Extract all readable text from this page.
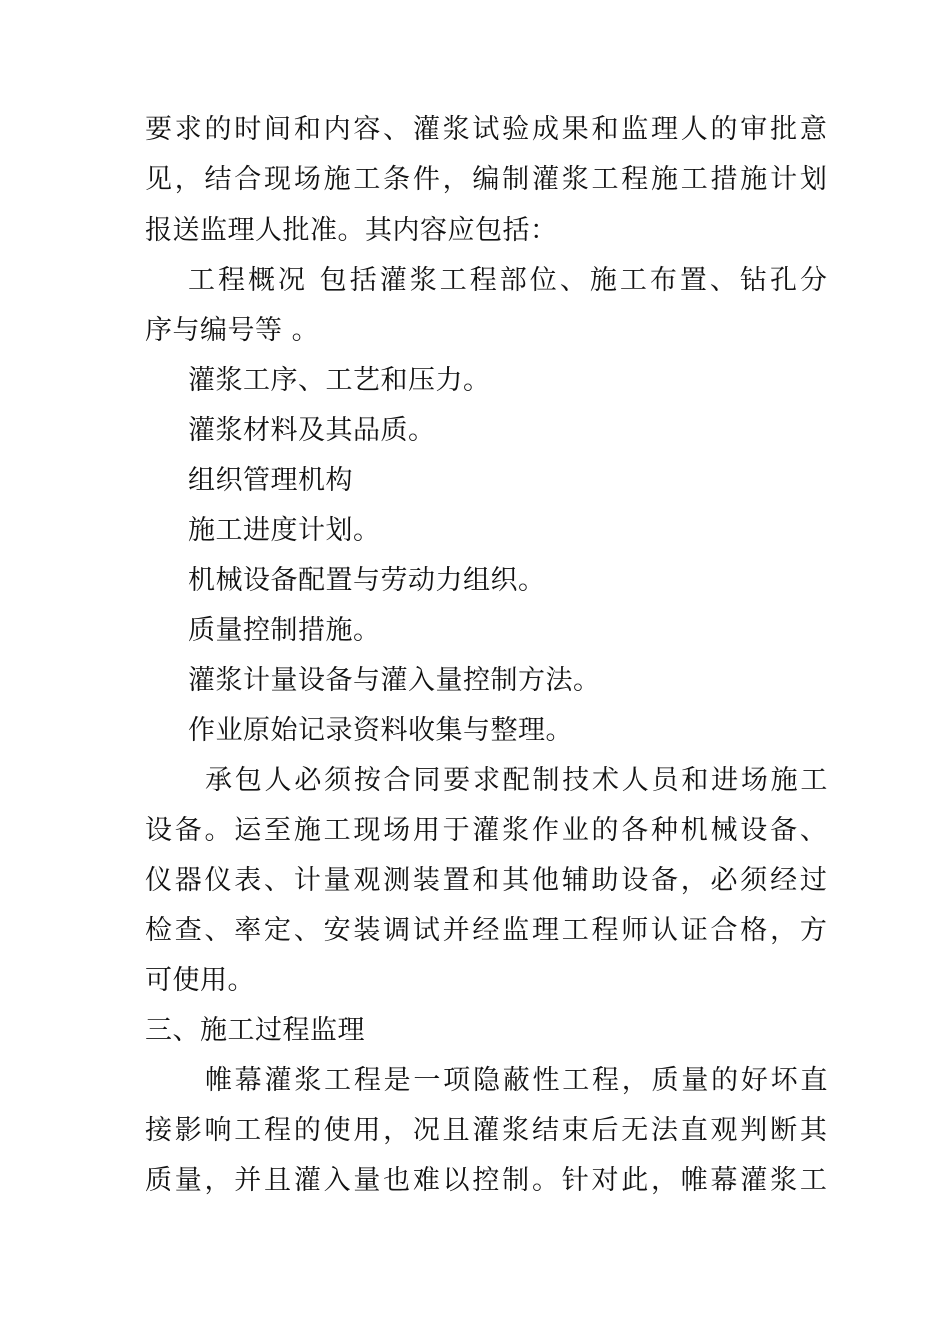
要求的时间和内容、灌浆试验成果和监理人的审批意
见，结合现场施工条件，编制灌浆工程施工措施计划
报送监理人批准。其内容应包括：
工程概况 包括灌浆工程部位、施工布置、钻孔分
序与编号等 。
灌浆工序、工艺和压力。
灌浆材料及其品质。
组织管理机构
施工进度计划。
机械设备配置与劳动力组织。
质量控制措施。
灌浆计量设备与灌入量控制方法。
作业原始记录资料收集与整理。
承包人必须按合同要求配制技术人员和进场施工
设备。运至施工现场用于灌浆作业的各种机械设备、
仪器仪表、计量观测装置和其他辅助设备，必须经过
检查、率定、安装调试并经监理工程师认证合格，方
可使用。
三、施工过程监理
帷幕灌浆工程是一项隐蔽性工程，质量的好坏直
接影响工程的使用，况且灌浆结束后无法直观判断其
质量，并且灌入量也难以控制。针对此，帷幕灌浆工
